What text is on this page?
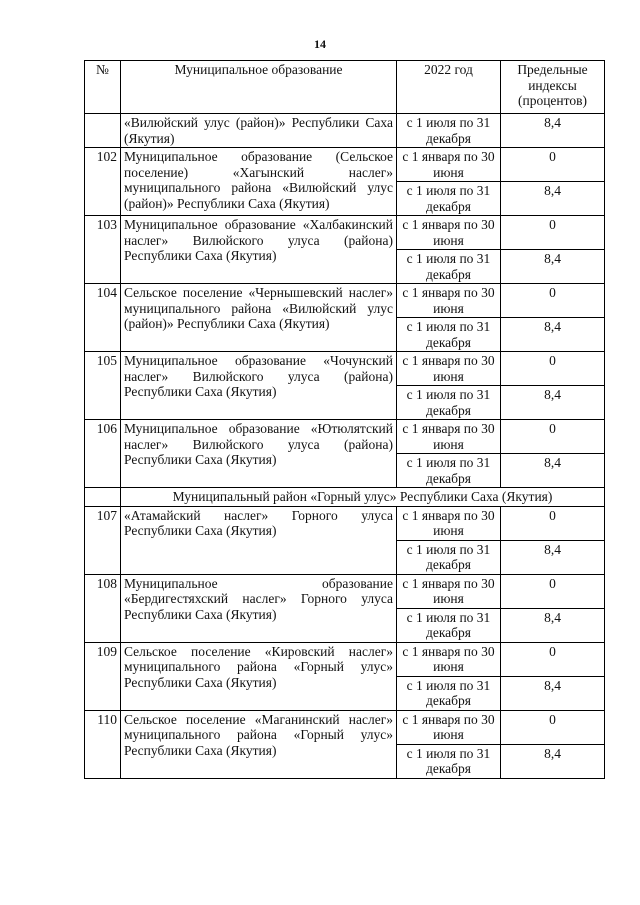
14
№	Муниципальное образование	2022 год	Предельные индексы (процентов)
	«Вилюйский улус (район)» Республики Саха (Якутия)	с 1 июля по 31 декабря	8,4
102	Муниципальное образование (Сельское поселение) «Хагынский наслег» муниципального района «Вилюйский улус (район)» Республики Саха (Якутия)	с 1 января по 30 июня	0
		с 1 июля по 31 декабря	8,4
103	Муниципальное образование «Халбакинский наслег» Вилюйского улуса (района) Республики Саха (Якутия)	с 1 января по 30 июня	0
		с 1 июля по 31 декабря	8,4
104	Сельское поселение «Чернышевский наслег» муниципального района «Вилюйский улус (район)» Республики Саха (Якутия)	с 1 января по 30 июня	0
		с 1 июля по 31 декабря	8,4
105	Муниципальное образование «Чочунский наслег» Вилюйского улуса (района) Республики Саха (Якутия)	с 1 января по 30 июня	0
		с 1 июля по 31 декабря	8,4
106	Муниципальное образование «Ютюлятский наслег» Вилюйского улуса (района) Республики Саха (Якутия)	с 1 января по 30 июня	0
		с 1 июля по 31 декабря	8,4
	Муниципальный район «Горный улус» Республики Саха (Якутия)		
107	«Атамайский наслег» Горного улуса Республики Саха (Якутия)	с 1 января по 30 июня	0
		с 1 июля по 31 декабря	8,4
108	Муниципальное образование «Бердигестяхский наслег» Горного улуса Республики Саха (Якутия)	с 1 января по 30 июня	0
		с 1 июля по 31 декабря	8,4
109	Сельское поселение «Кировский наслег» муниципального района «Горный улус» Республики Саха (Якутия)	с 1 января по 30 июня	0
		с 1 июля по 31 декабря	8,4
110	Сельское поселение «Маганинский наслег» муниципального района «Горный улус» Республики Саха (Якутия)	с 1 января по 30 июня	0
		с 1 июля по 31 декабря	8,4
